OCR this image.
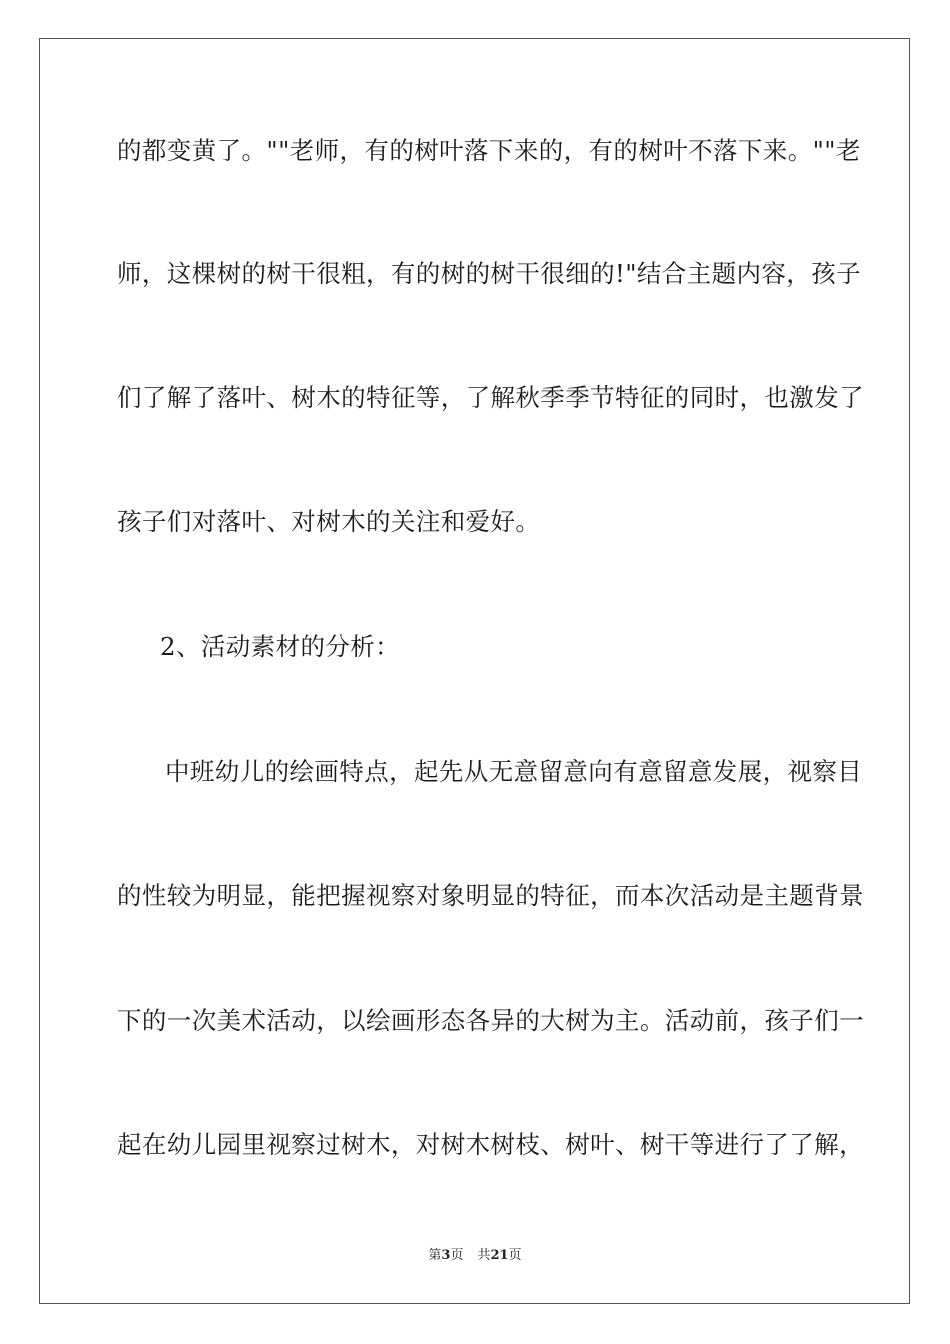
的都变黄了。""老师，有的树叶落下来的，有的树叶不落下来。""老
师，这棵树的树干很粗，有的树的树干很细的!"结合主题内容，孩子
们了解了落叶、树木的特征等，了解秋季季节特征的同时，也激发了
孩子们对落叶、对树木的关注和爱好。
2、活动素材的分析：
中班幼儿的绘画特点，起先从无意留意向有意留意发展，视察目
的性较为明显，能把握视察对象明显的特征，而本次活动是主题背景
下的一次美术活动，以绘画形态各异的大树为主。活动前，孩子们一
起在幼儿园里视察过树木，对树木树枝、树叶、树干等进行了了解，
第3页 共21页
